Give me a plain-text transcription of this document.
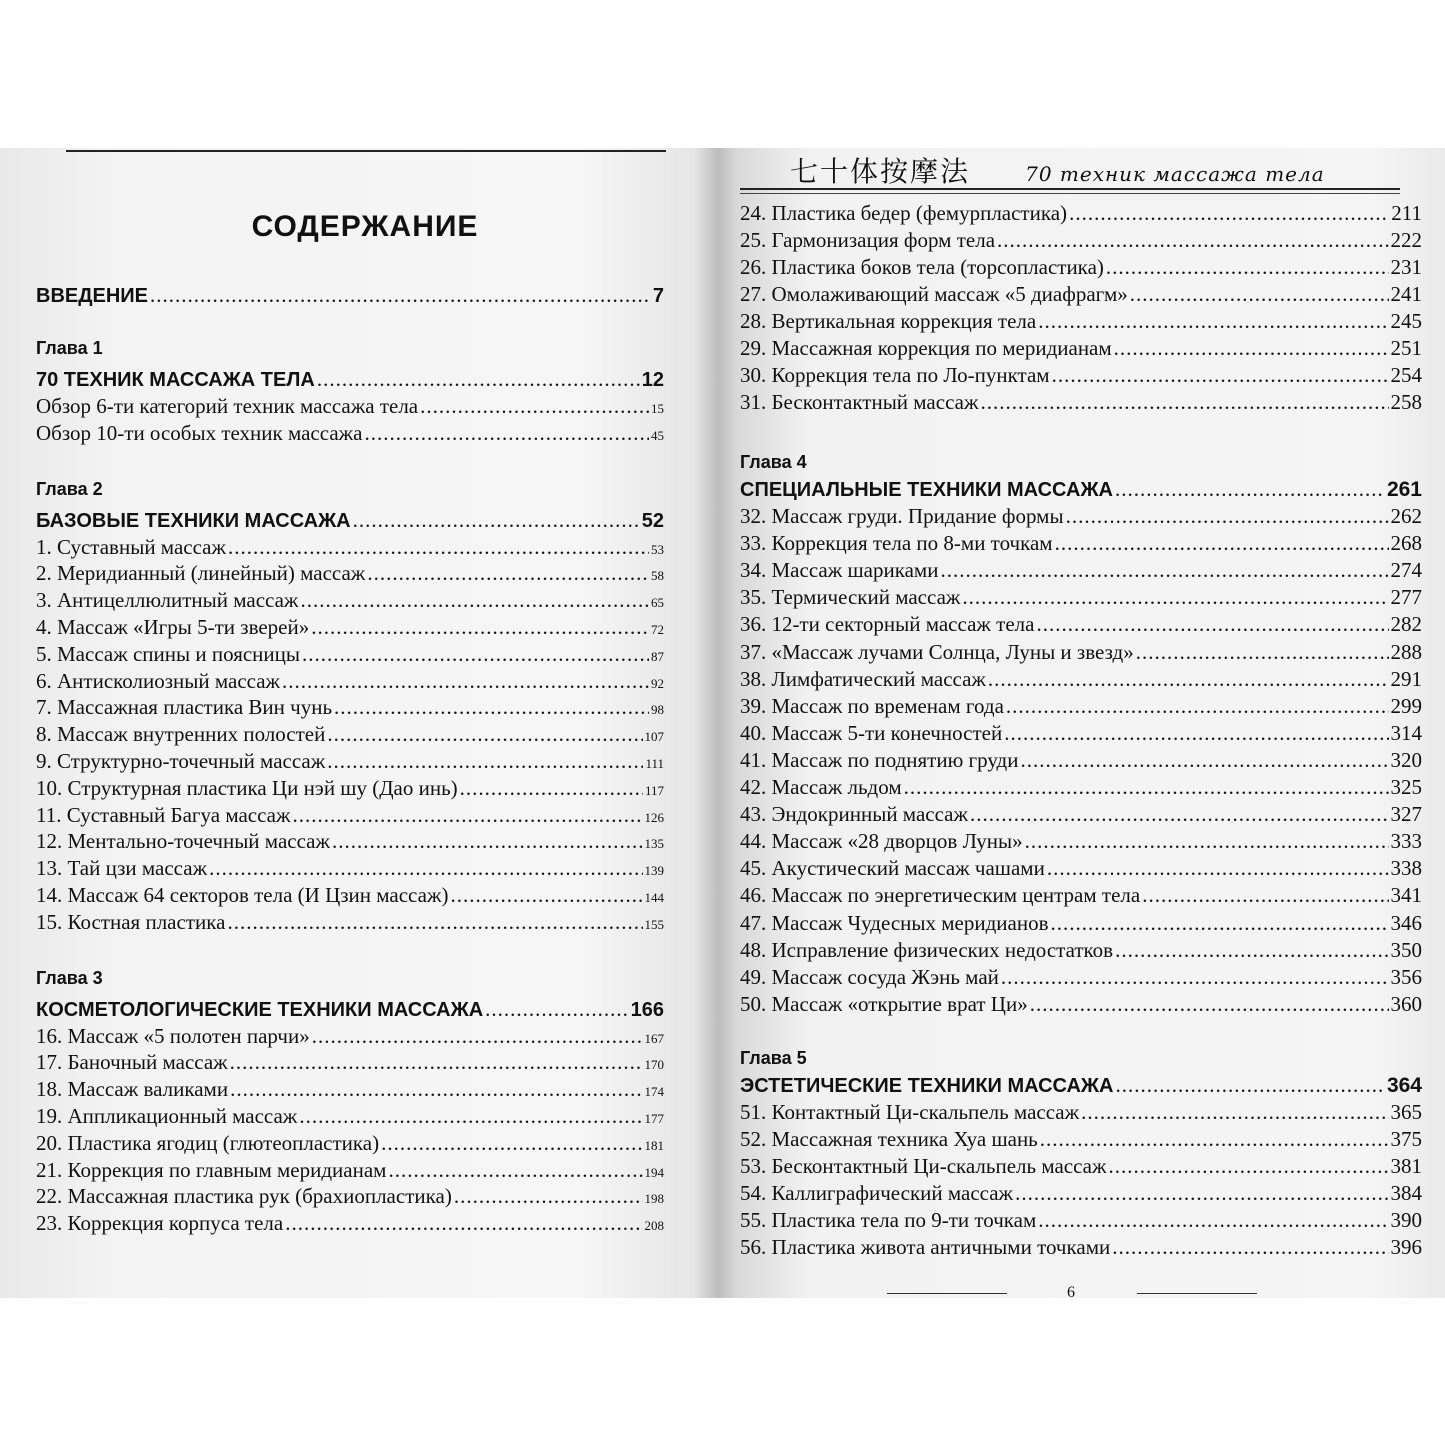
СОДЕРЖАНИЕ
ВВЕДЕНИЕ .....	7
Глава 1
70 ТЕХНИК МАССАЖА ТЕЛА .....	12
Обзор 6-ти категорий техник массажа тела .....	15
Обзор 10-ти особых техник массажа .....	45
Глава 2
БАЗОВЫЕ ТЕХНИКИ МАССАЖА .....	52
1. Суставный массаж .....	53
2. Меридианный (линейный) массаж .....	58
3. Антицеллюлитный массаж .....	65
4. Массаж «Игры 5-ти зверей» .....	72
5. Массаж спины и поясницы .....	87
6. Антисколиозный массаж .....	92
7. Массажная пластика Вин чунь .....	98
8. Массаж внутренних полостей .....	107
9. Структурно-точечный массаж .....	111
10. Структурная пластика Ци нэй шу (Дао инь) .....	117
11. Суставный Багуа массаж .....	126
12. Ментально-точечный массаж .....	135
13. Тай цзи массаж .....	139
14. Массаж 64 секторов тела (И Цзин массаж) .....	144
15. Костная пластика .....	155
Глава 3
КОСМЕТОЛОГИЧЕСКИЕ ТЕХНИКИ МАССАЖА .....	166
16. Массаж «5 полотен парчи» .....	167
17. Баночный массаж .....	170
18. Массаж валиками .....	174
19. Аппликационный массаж .....	177
20. Пластика ягодиц (глютеопластика) .....	181
21. Коррекция по главным меридианам .....	194
22. Массажная пластика рук (брахиопластика) .....	198
23. Коррекция корпуса тела .....	208
七十体按摩法	70 техник массажа тела
24. Пластика бедер (фемурпластика) .....	211
25. Гармонизация форм тела .....	222
26. Пластика боков тела (торсопластика) .....	231
27. Омолаживающий массаж «5 диафрагм» .....	241
28. Вертикальная коррекция тела .....	245
29. Массажная коррекция по меридианам .....	251
30. Коррекция тела по Ло-пунктам .....	254
31. Бесконтактный массаж .....	258
Глава 4
СПЕЦИАЛЬНЫЕ ТЕХНИКИ МАССАЖА .....	261
32. Массаж груди. Придание формы .....	262
33. Коррекция тела по 8-ми точкам .....	268
34. Массаж шариками .....	274
35. Термический массаж .....	277
36. 12-ти секторный массаж тела .....	282
37. «Массаж лучами Солнца, Луны и звезд» .....	288
38. Лимфатический массаж .....	291
39. Массаж по временам года .....	299
40. Массаж 5-ти конечностей .....	314
41. Массаж по поднятию груди .....	320
42. Массаж льдом .....	325
43. Эндокринный массаж .....	327
44. Массаж «28 дворцов Луны» .....	333
45. Акустический массаж чашами .....	338
46. Массаж по энергетическим центрам тела .....	341
47. Массаж Чудесных меридианов .....	346
48. Исправление физических недостатков .....	350
49. Массаж сосуда Жэнь май .....	356
50. Массаж «открытие врат Ци» .....	360
Глава 5
ЭСТЕТИЧЕСКИЕ ТЕХНИКИ МАССАЖА .....	364
51. Контактный Ци-скальпель массаж .....	365
52. Массажная техника Хуа шань .....	375
53. Бесконтактный Ци-скальпель массаж .....	381
54. Каллиграфический массаж .....	384
55. Пластика тела по 9-ти точкам .....	390
56. Пластика живота античными точками .....	396
6
